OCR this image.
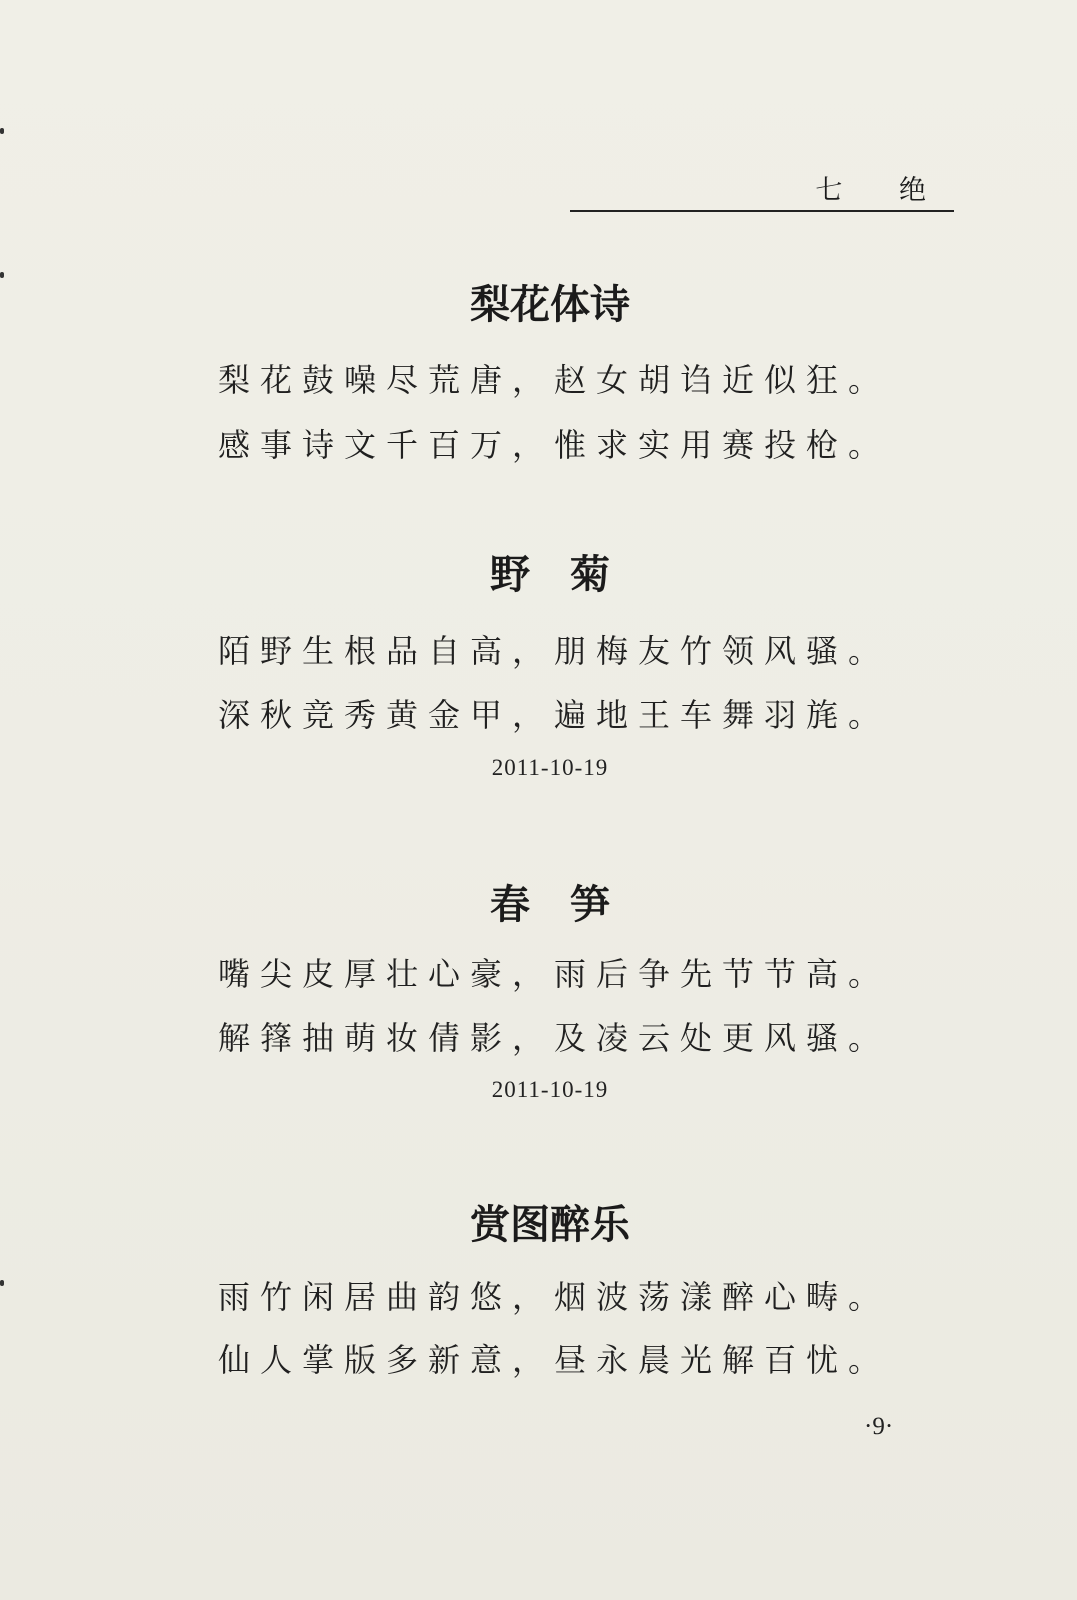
七 绝
梨花体诗
梨花鼓噪尽荒唐，赵女胡诌近似狂。
感事诗文千百万，惟求实用赛投枪。
野菊
陌野生根品自高，朋梅友竹领风骚。
深秋竞秀黄金甲，遍地王车舞羽旄。
2011-10-19
春笋
嘴尖皮厚壮心豪，雨后争先节节高。
解箨抽萌妆倩影，及凌云处更风骚。
2011-10-19
赏图醉乐
雨竹闲居曲韵悠，烟波荡漾醉心畴。
仙人掌版多新意，昼永晨光解百忧。
·9·
